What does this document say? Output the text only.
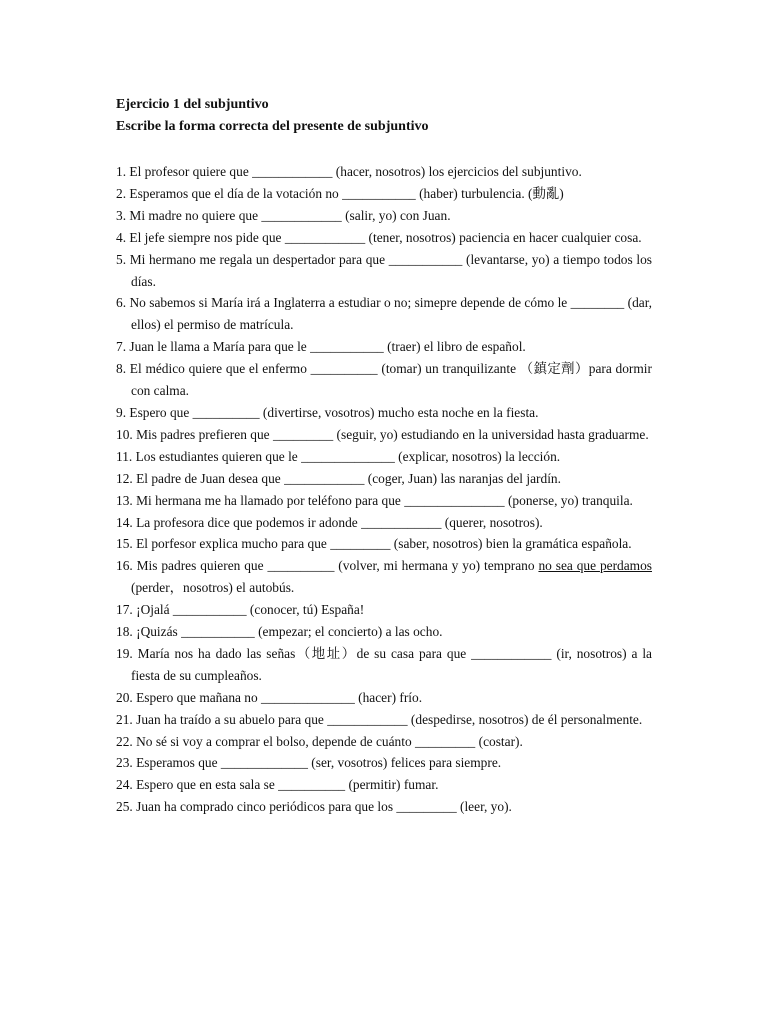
Ejercicio 1 del subjuntivo
Escribe la forma correcta del presente de subjuntivo
1. El profesor quiere que ____________ (hacer, nosotros) los ejercicios del subjuntivo.
2. Esperamos que el día de la votación no ___________ (haber) turbulencia. (動亂)
3. Mi madre no quiere que ____________ (salir, yo) con Juan.
4. El jefe siempre nos pide que ____________ (tener, nosotros) paciencia en hacer cualquier cosa.
5. Mi hermano me regala un despertador para que ___________ (levantarse, yo) a tiempo todos los días.
6. No sabemos si María irá a Inglaterra a estudiar o no; simepre depende de cómo le ________ (dar, ellos) el permiso de matrícula.
7. Juan le llama a María para que le ___________ (traer) el libro de español.
8. El médico quiere que el enfermo __________ (tomar) un tranquilizante （鎮定劑）para dormir con calma.
9. Espero que __________ (divertirse, vosotros) mucho esta noche en la fiesta.
10. Mis padres prefieren que _________ (seguir, yo) estudiando en la universidad hasta graduarme.
11. Los estudiantes quieren que le ______________ (explicar, nosotros) la lección.
12. El padre de Juan desea que ____________ (coger, Juan) las naranjas del jardín.
13. Mi hermana me ha llamado por teléfono para que _______________ (ponerse, yo) tranquila.
14. La profesora dice que podemos ir adonde ____________ (querer, nosotros).
15. El porfesor explica mucho para que _________ (saber, nosotros) bien la gramática española.
16. Mis padres quieren que __________ (volver, mi hermana y yo) temprano no sea que perdamos (perder，nosotros) el autobús.
17. ¡Ojalá ___________ (conocer, tú) España!
18. ¡Quizás ___________ (empezar; el concierto) a las ocho.
19. María nos ha dado las señas（地址）de su casa para que ____________ (ir, nosotros) a la fiesta de su cumpleaños.
20. Espero que mañana no ______________ (hacer) frío.
21. Juan ha traído a su abuelo para que ____________ (despedirse, nosotros) de él personalmente.
22. No sé si voy a comprar el bolso, depende de cuánto _________ (costar).
23. Esperamos que _____________ (ser, vosotros) felices para siempre.
24. Espero que en esta sala se __________ (permitir) fumar.
25. Juan ha comprado cinco periódicos para que los _________ (leer, yo).
